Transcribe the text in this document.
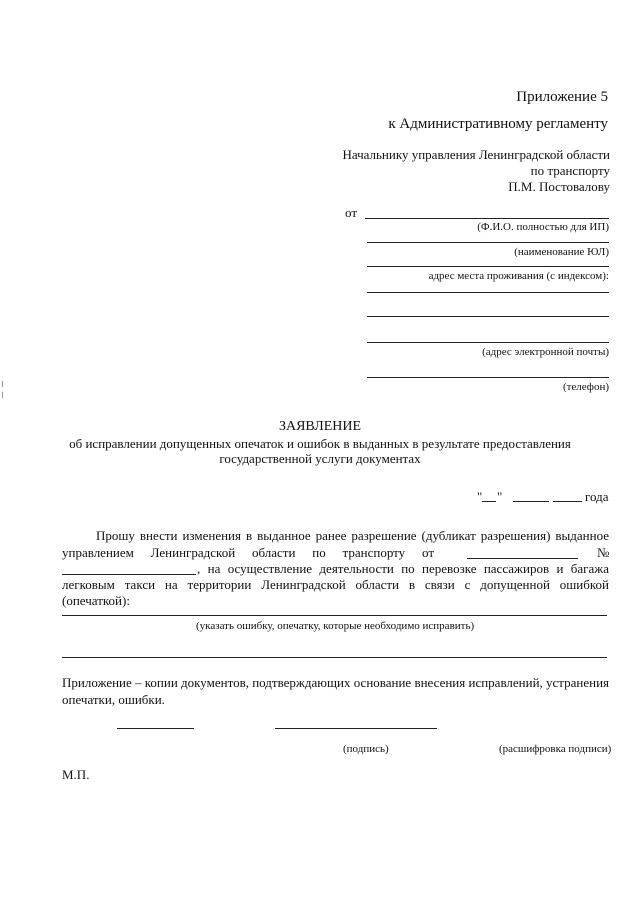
Приложение 5
к Административному регламенту
Начальнику управления Ленинградской области
по транспорту
П.М. Постовалову
от
(Ф.И.О. полностью для ИП)
(наименование ЮЛ)
адрес места проживания (с индексом):
(адрес электронной почты)
(телефон)
ЗАЯВЛЕНИЕ
об исправлении допущенных опечаток и ошибок в выданных в результате предоставления
государственной услуги документах
" "	года
Прошу внести изменения в выданное ранее разрешение (дубликат разрешения) выданное
управлением Ленинградской области по транспорту от	№
, на осуществление деятельности по перевозке пассажиров и багажа
легковым такси на территории Ленинградской области в связи с допущенной ошибкой
(опечаткой):
(указать ошибку, опечатку, которые необходимо исправить)
Приложение – копии документов, подтверждающих основание внесения исправлений, устранения
опечатки, ошибки.
(подпись)	(расшифровка подписи)
М.П.
